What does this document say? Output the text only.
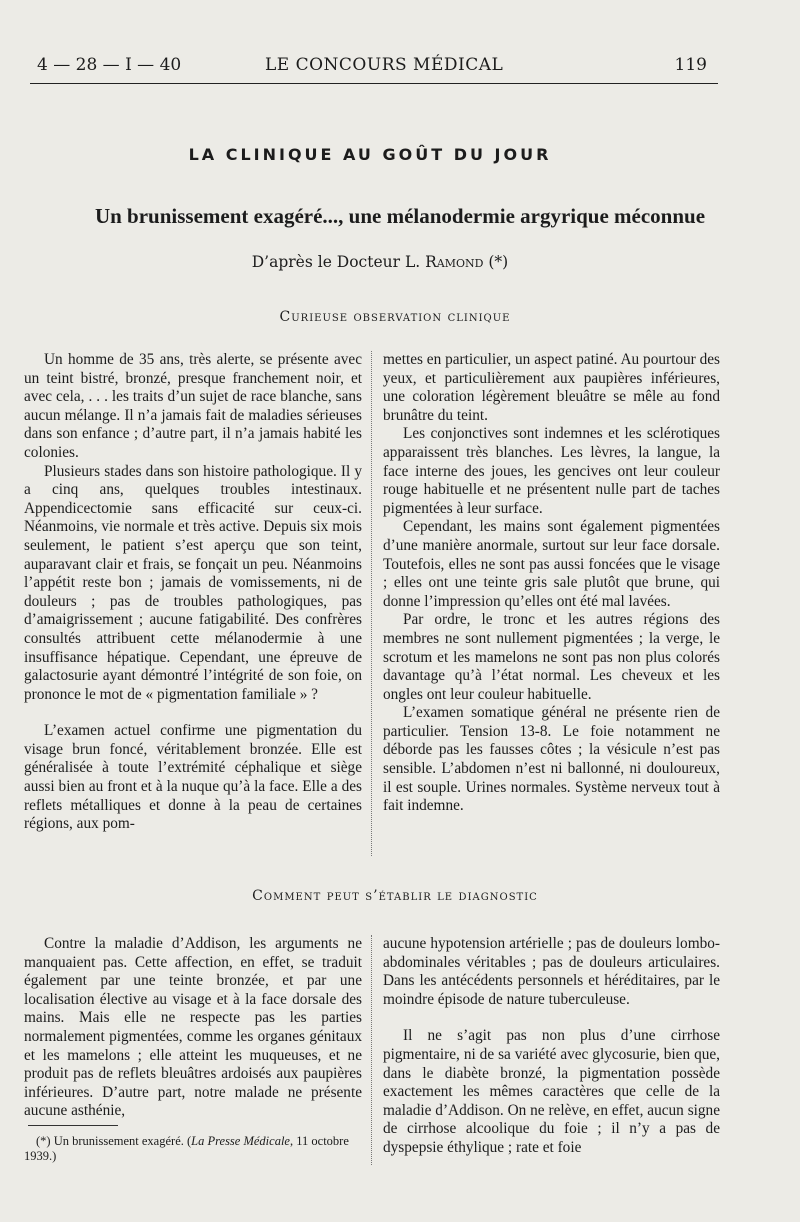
4 — 28 — I — 40	LE CONCOURS MÉDICAL	119
LA CLINIQUE AU GOÛT DU JOUR
Un brunissement exagéré..., une mélanodermie argyrique méconnue
D’après le Docteur L. Ramond (*)
Curieuse observation clinique

Un homme de 35 ans, très alerte, se présente avec un teint bistré, bronzé, presque franchement noir, et avec cela, . . . les traits d’un sujet de race blanche, sans aucun mélange. Il n’a jamais fait de maladies sérieuses dans son enfance ; d’autre part, il n’a jamais habité les colonies.

Plusieurs stades dans son histoire pathologique. Il y a cinq ans, quelques troubles intestinaux. Appendicectomie sans efficacité sur ceux-ci. Néanmoins, vie normale et très active. Depuis six mois seulement, le patient s’est aperçu que son teint, auparavant clair et frais, se fonçait un peu. Néanmoins l’appétit reste bon ; jamais de vomissements, ni de douleurs ; pas de troubles pathologiques, pas d’amaigrissement ; aucune fatigabilité. Des confrères consultés attribuent cette mélanodermie à une insuffisance hépatique. Cependant, une épreuve de galactosurie ayant démontré l’intégrité de son foie, on prononce le mot de « pigmentation familiale » ?

L’examen actuel confirme une pigmentation du visage brun foncé, véritablement bronzée. Elle est généralisée à toute l’extrémité céphalique et siège aussi bien au front et à la nuque qu’à la face. Elle a des reflets métalliques et donne à la peau de certaines régions, aux pom-

mettes en particulier, un aspect patiné. Au pourtour des yeux, et particulièrement aux paupières inférieures, une coloration légèrement bleuâtre se mêle au fond brunâtre du teint.

Les conjonctives sont indemnes et les sclérotiques apparaissent très blanches. Les lèvres, la langue, la face interne des joues, les gencives ont leur couleur rouge habituelle et ne présentent nulle part de taches pigmentées à leur surface.

Cependant, les mains sont également pigmentées d’une manière anormale, surtout sur leur face dorsale. Toutefois, elles ne sont pas aussi foncées que le visage ; elles ont une teinte gris sale plutôt que brune, qui donne l’impression qu’elles ont été mal lavées.

Par ordre, le tronc et les autres régions des membres ne sont nullement pigmentées ; la verge, le scrotum et les mamelons ne sont pas non plus colorés davantage qu’à l’état normal. Les cheveux et les ongles ont leur couleur habituelle.

L’examen somatique général ne présente rien de particulier. Tension 13-8. Le foie notamment ne déborde pas les fausses côtes ; la vésicule n’est pas sensible. L’abdomen n’est ni ballonné, ni douloureux, il est souple. Urines normales. Système nerveux tout à fait indemne.

Comment peut s’établir le diagnostic

Contre la maladie d’Addison, les arguments ne manquaient pas. Cette affection, en effet, se traduit également par une teinte bronzée, et par une localisation élective au visage et à la face dorsale des mains. Mais elle ne respecte pas les parties normalement pigmentées, comme les organes génitaux et les mamelons ; elle atteint les muqueuses, et ne produit pas de reflets bleuâtres ardoisés aux paupières inférieures. D’autre part, notre malade ne présente aucune asthénie,

aucune hypotension artérielle ; pas de douleurs lombo-abdominales véritables ; pas de douleurs articulaires. Dans les antécédents personnels et héréditaires, par le moindre épisode de nature tuberculeuse.

Il ne s’agit pas non plus d’une cirrhose pigmentaire, ni de sa variété avec glycosurie, bien que, dans le diabète bronzé, la pigmentation possède exactement les mêmes caractères que celle de la maladie d’Addison. On ne relève, en effet, aucun signe de cirrhose alcoolique du foie ; il n’y a pas de dyspepsie éthylique ; rate et foie

(*) Un brunissement exagéré. (La Presse Médicale, 11 octobre 1939.)
